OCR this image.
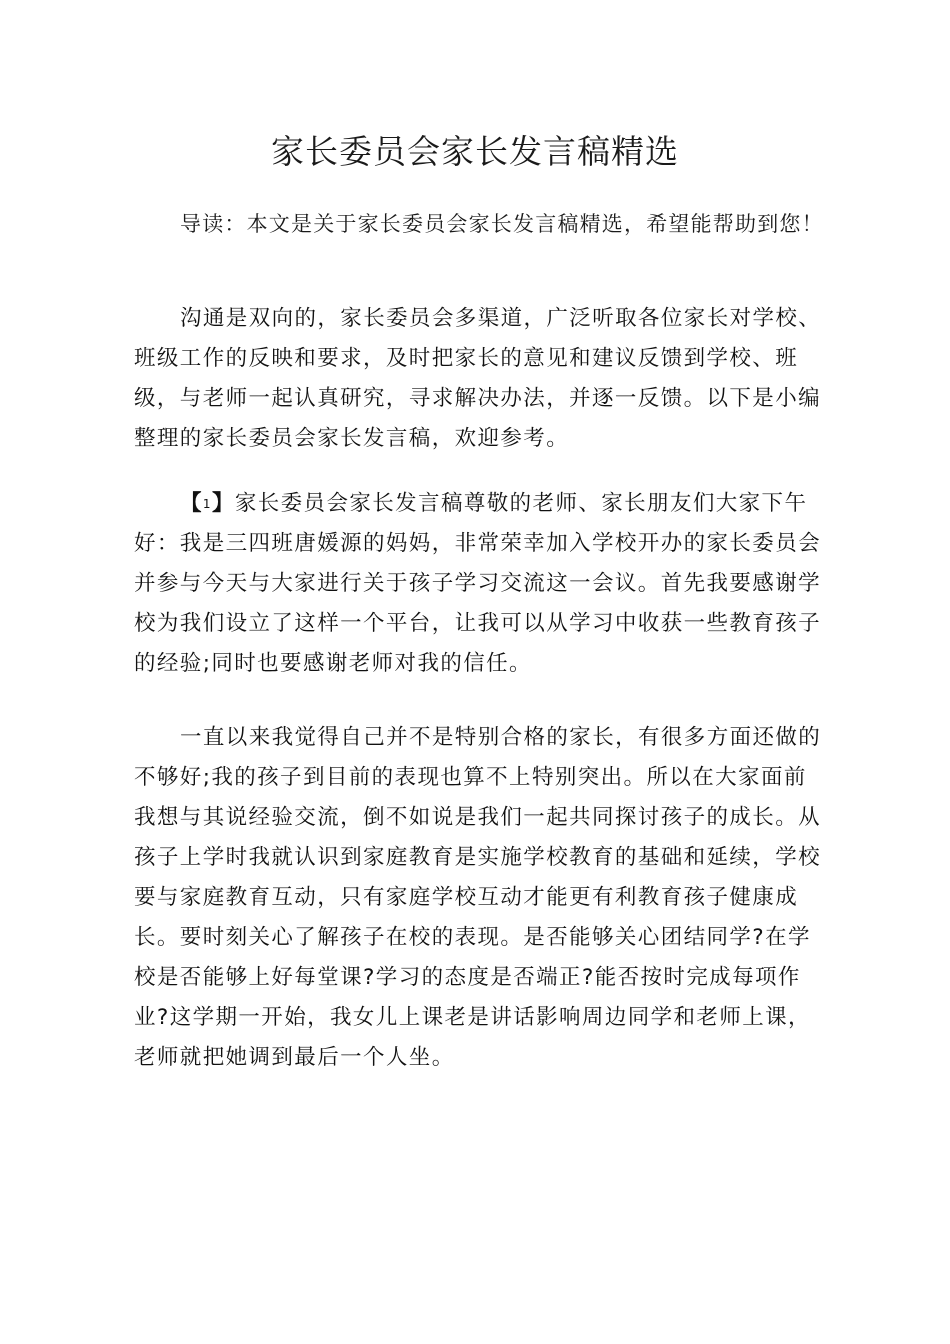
家长委员会家长发言稿精选

导读：本文是关于家长委员会家长发言稿精选，希望能帮助到您！

沟通是双向的，家长委员会多渠道，广泛听取各位家长对学校、班级工作的反映和要求，及时把家长的意见和建议反馈到学校、班级，与老师一起认真研究，寻求解决办法，并逐一反馈。以下是小编整理的家长委员会家长发言稿，欢迎参考。

【1】家长委员会家长发言稿尊敬的老师、家长朋友们大家下午好：我是三四班唐媛源的妈妈，非常荣幸加入学校开办的家长委员会并参与今天与大家进行关于孩子学习交流这一会议。首先我要感谢学校为我们设立了这样一个平台，让我可以从学习中收获一些教育孩子的经验;同时也要感谢老师对我的信任。

一直以来我觉得自己并不是特别合格的家长，有很多方面还做的不够好;我的孩子到目前的表现也算不上特别突出。所以在大家面前我想与其说经验交流，倒不如说是我们一起共同探讨孩子的成长。从孩子上学时我就认识到家庭教育是实施学校教育的基础和延续，学校要与家庭教育互动，只有家庭学校互动才能更有利教育孩子健康成长。要时刻关心了解孩子在校的表现。是否能够关心团结同学?在学校是否能够上好每堂课?学习的态度是否端正?能否按时完成每项作业?这学期一开始，我女儿上课老是讲话影响周边同学和老师上课，老师就把她调到最后一个人坐。
